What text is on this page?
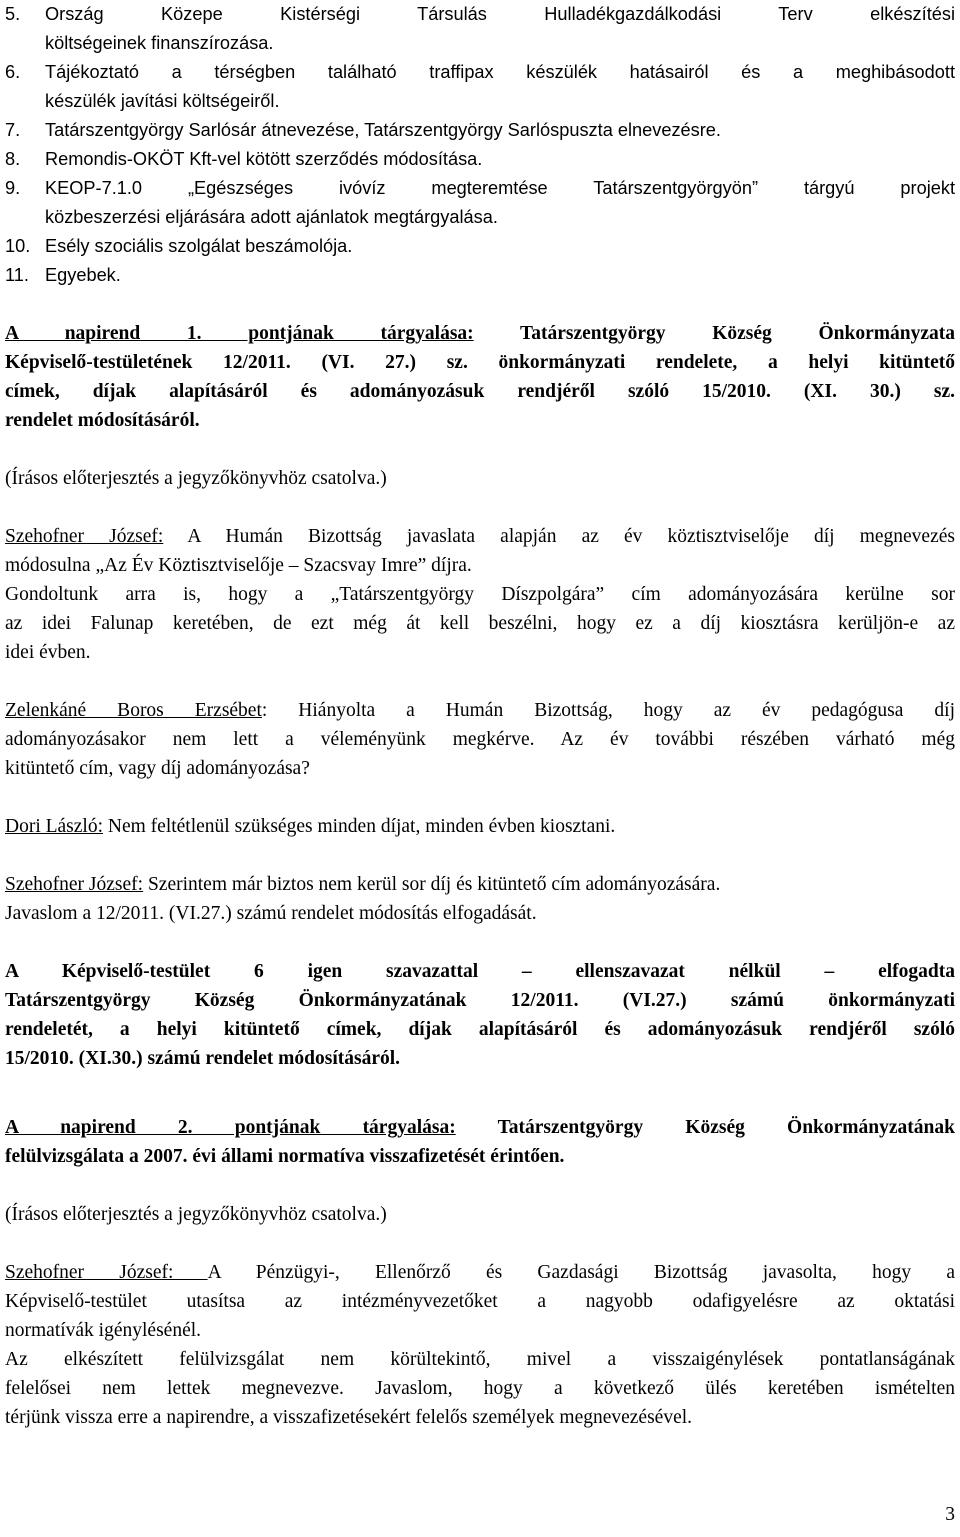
5.	Ország Közepe Kistérségi Társulás Hulladékgazdálkodási Terv elkészítési

költségeinek finanszírozása.

6.	Tájékoztató a térségben található traffipax készülék hatásairól és a meghibásodott

készülék javítási költségeiről.

7.	Tatárszentgyörgy Sarlósár átnevezése, Tatárszentgyörgy Sarlóspuszta elnevezésre.

8.	Remondis-OKÖT Kft-vel kötött szerződés módosítása.

9.	KEOP-7.1.0 „Egészséges ivóvíz megteremtése Tatárszentgyörgyön” tárgyú projekt

közbeszerzési eljárására adott ajánlatok megtárgyalása.

10. Esély szociális szolgálat beszámolója.

11. Egyebek.

A napirend 1. pontjának tárgyalása: Tatárszentgyörgy Község Önkormányzata

Képviselő-testületének 12/2011. (VI. 27.) sz. önkormányzati rendelete, a helyi kitüntető

címek, díjak alapításáról és adományozásuk rendjéről szóló 15/2010. (XI. 30.) sz.

rendelet módosításáról.

(Írásos előterjesztés a jegyzőkönyvhöz csatolva.)

Szehofner József: A Humán Bizottság javaslata alapján az év köztisztviselője díj megnevezés

módosulna „Az Év Köztisztviselője – Szacsvay Imre” díjra.

Gondoltunk arra is, hogy a „Tatárszentgyörgy Díszpolgára” cím adományozására kerülne sor

az idei Falunap keretében, de ezt még át kell beszélni, hogy ez a díj kiosztásra kerüljön-e az

idei évben.

Zelenkáné Boros Erzsébet: Hiányolta a Humán Bizottság, hogy az év pedagógusa díj

adományozásakor nem lett a véleményünk megkérve. Az év további részében várható még

kitüntető cím, vagy díj adományozása?

Dori László: Nem feltétlenül szükséges minden díjat, minden évben kiosztani.

Szehofner József: Szerintem már biztos nem kerül sor díj és kitüntető cím adományozására.

Javaslom a 12/2011. (VI.27.) számú rendelet módosítás elfogadását.

A Képviselő-testület 6 igen szavazattal – ellenszavazat nélkül – elfogadta

Tatárszentgyörgy Község Önkormányzatának 12/2011. (VI.27.) számú önkormányzati

rendeletét, a helyi kitüntető címek, díjak alapításáról és adományozásuk rendjéről szóló

15/2010. (XI.30.) számú rendelet módosításáról.

A napirend 2. pontjának tárgyalása: Tatárszentgyörgy Község Önkormányzatának

felülvizsgálata a 2007. évi állami normatíva visszafizetését érintően.

(Írásos előterjesztés a jegyzőkönyvhöz csatolva.)

Szehofner József: A Pénzügyi-, Ellenőrző és Gazdasági Bizottság javasolta, hogy a

Képviselő-testület utasítsa az intézményvezetőket a nagyobb odafigyelésre az oktatási

normatívák igénylésénél.

Az elkészített felülvizsgálat nem körültekintő, mivel a visszaigénylések pontatlanságának

felelősei nem lettek megnevezve. Javaslom, hogy a következő ülés keretében ismételten

térjünk vissza erre a napirendre, a visszafizetésekért felelős személyek megnevezésével.

3
